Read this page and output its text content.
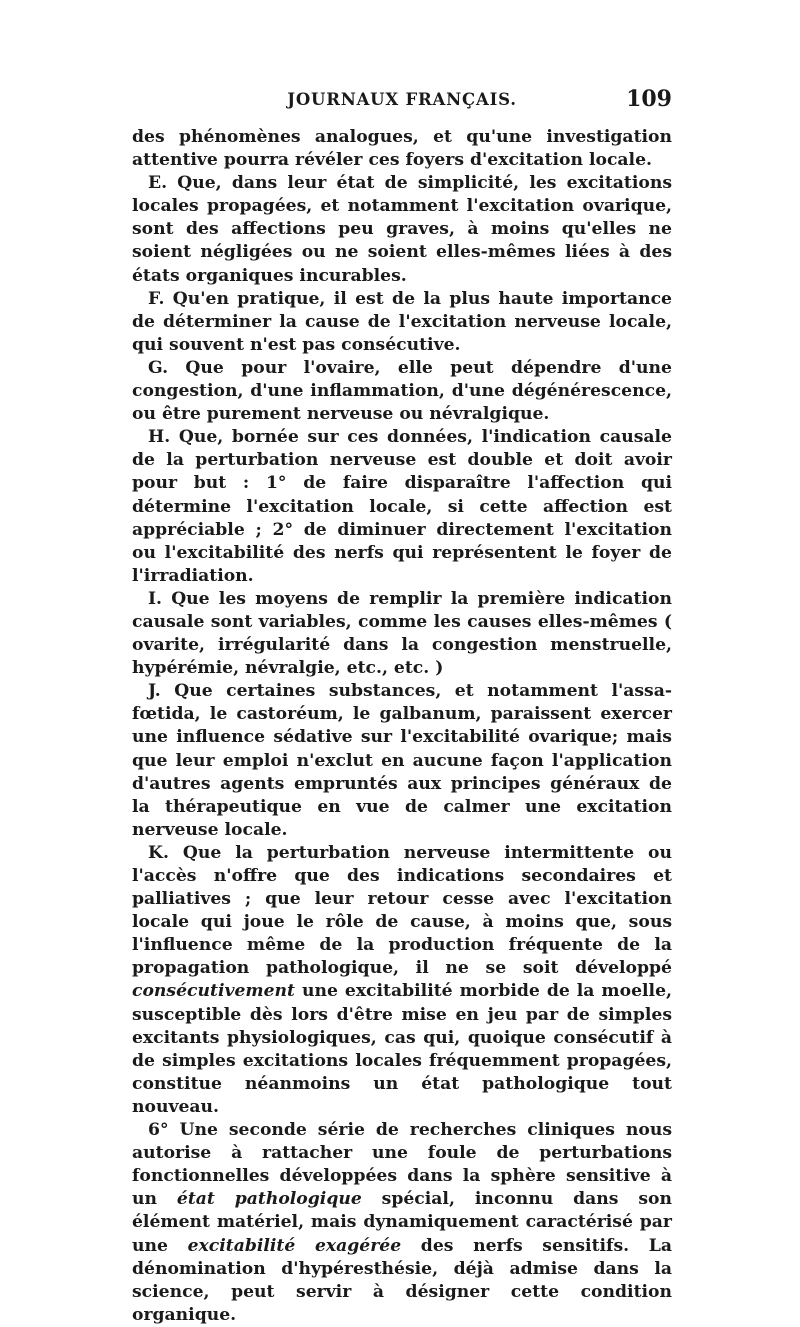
JOURNAUX FRANÇAIS.	109

des phénomènes analogues, et qu'une investigation attentive pourra révéler ces foyers d'excitation locale.

E. Que, dans leur état de simplicité, les excitations locales propagées, et notamment l'excitation ovarique, sont des affections peu graves, à moins qu'elles ne soient négligées ou ne soient elles-mêmes liées à des états organiques incurables.

F. Qu'en pratique, il est de la plus haute importance de déterminer la cause de l'excitation nerveuse locale, qui souvent n'est pas consécutive.

G. Que pour l'ovaire, elle peut dépendre d'une congestion, d'une inflammation, d'une dégénérescence, ou être purement nerveuse ou névralgique.

H. Que, bornée sur ces données, l'indication causale de la perturbation nerveuse est double et doit avoir pour but : 1° de faire disparaître l'affection qui détermine l'excitation locale, si cette affection est appréciable ; 2° de diminuer directement l'excitation ou l'excitabilité des nerfs qui représentent le foyer de l'irradiation.

I. Que les moyens de remplir la première indication causale sont variables, comme les causes elles-mêmes ( ovarite, irrégularité dans la congestion menstruelle, hypérémie, névralgie, etc., etc. )

J. Que certaines substances, et notamment l'assa-fœtida, le castoréum, le galbanum, paraissent exercer une influence sédative sur l'excitabilité ovarique; mais que leur emploi n'exclut en aucune façon l'application d'autres agents empruntés aux principes généraux de la thérapeutique en vue de calmer une excitation nerveuse locale.

K. Que la perturbation nerveuse intermittente ou l'accès n'offre que des indications secondaires et palliatives ; que leur retour cesse avec l'excitation locale qui joue le rôle de cause, à moins que, sous l'influence même de la production fréquente de la propagation pathologique, il ne se soit développé consécutivement une excitabilité morbide de la moelle, susceptible dès lors d'être mise en jeu par de simples excitants physiologiques, cas qui, quoique consécutif à de simples excitations locales fréquemment propagées, constitue néanmoins un état pathologique tout nouveau.

6° Une seconde série de recherches cliniques nous autorise à rattacher une foule de perturbations fonctionnelles développées dans la sphère sensitive à un état pathologique spécial, inconnu dans son élément matériel, mais dynamiquement caractérisé par une excitabilité exagérée des nerfs sensitifs. La dénomination d'hypéresthésie, déjà admise dans la science, peut servir à désigner cette condition organique.
